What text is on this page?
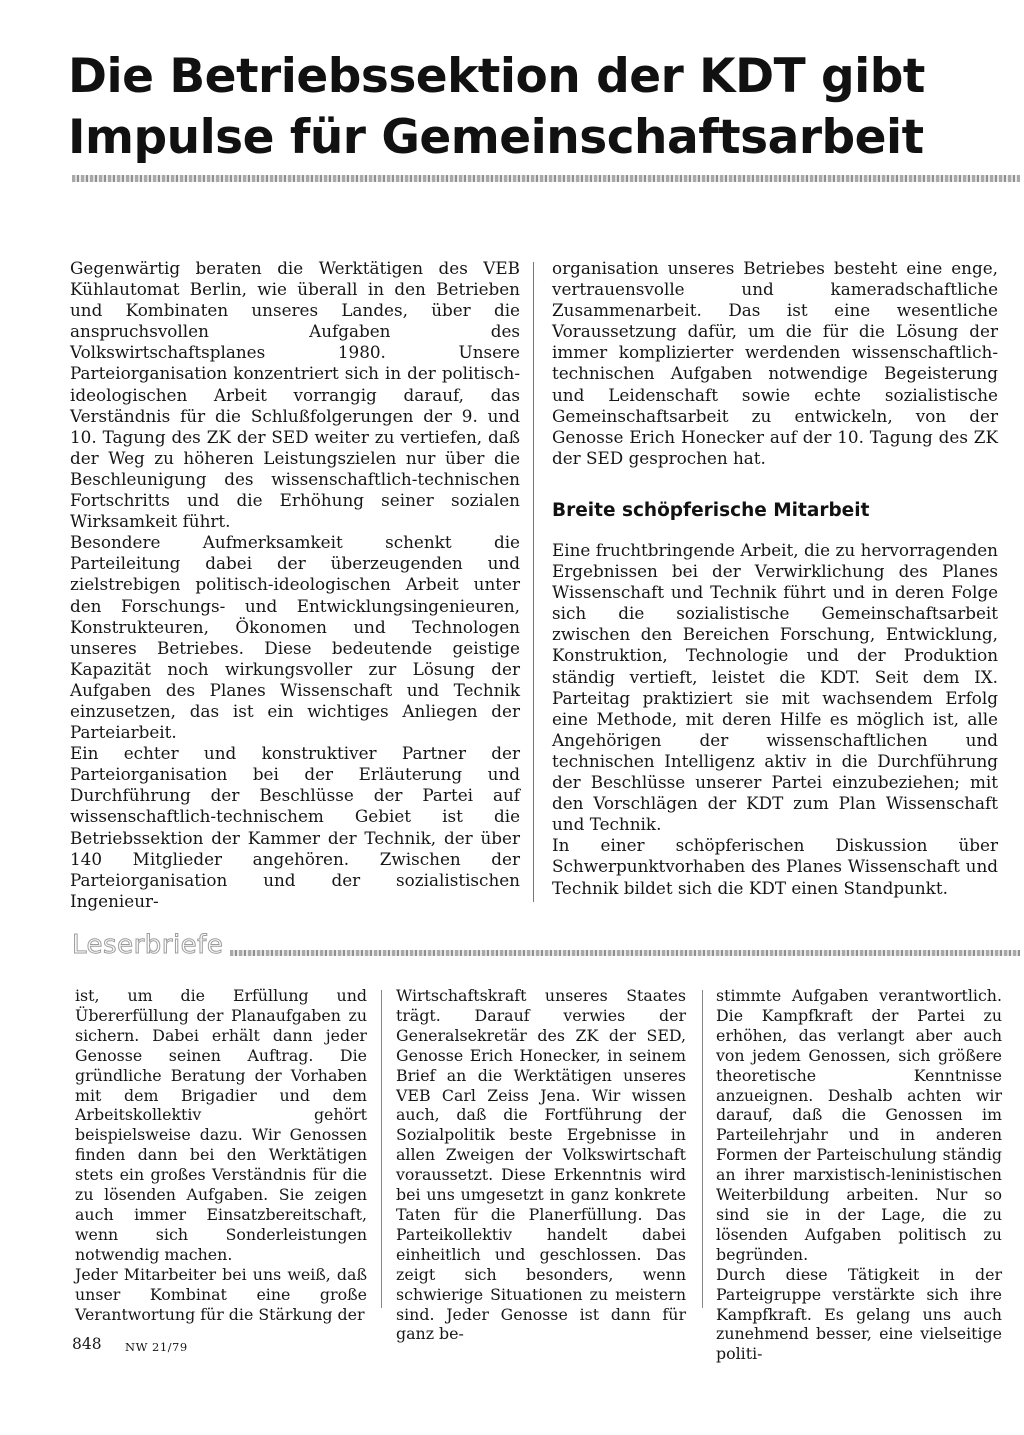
Die Betriebssektion der KDT gibt
Impulse für Gemeinschaftsarbeit

Gegenwärtig beraten die Werktätigen des VEB Kühlautomat Berlin, wie überall in den Betrieben und Kombinaten unseres Landes, über die anspruchsvollen Aufgaben des Volkswirtschaftsplanes 1980. Unsere Parteiorganisation konzentriert sich in der politisch-ideologischen Arbeit vorrangig darauf, das Verständnis für die Schlußfolgerungen der 9. und 10. Tagung des ZK der SED weiter zu vertiefen, daß der Weg zu höheren Leistungszielen nur über die Beschleunigung des wissenschaftlich-technischen Fortschritts und die Erhöhung seiner sozialen Wirksamkeit führt.

Besondere Aufmerksamkeit schenkt die Parteileitung dabei der überzeugenden und zielstrebigen politisch-ideologischen Arbeit unter den Forschungs- und Entwicklungsingenieuren, Konstrukteuren, Ökonomen und Technologen unseres Betriebes. Diese bedeutende geistige Kapazität noch wirkungsvoller zur Lösung der Aufgaben des Planes Wissenschaft und Technik einzusetzen, das ist ein wichtiges Anliegen der Parteiarbeit.

Ein echter und konstruktiver Partner der Parteiorganisation bei der Erläuterung und Durchführung der Beschlüsse der Partei auf wissenschaftlich-technischem Gebiet ist die Betriebssektion der Kammer der Technik, der über 140 Mitglieder angehören. Zwischen der Parteiorganisation und der sozialistischen Ingenieur-

organisation unseres Betriebes besteht eine enge, vertrauensvolle und kameradschaftliche Zusammenarbeit. Das ist eine wesentliche Voraussetzung dafür, um die für die Lösung der immer komplizierter werdenden wissenschaftlich-technischen Aufgaben notwendige Begeisterung und Leidenschaft sowie echte sozialistische Gemeinschaftsarbeit zu entwickeln, von der Genosse Erich Honecker auf der 10. Tagung des ZK der SED gesprochen hat.

Breite schöpferische Mitarbeit

Eine fruchtbringende Arbeit, die zu hervorragenden Ergebnissen bei der Verwirklichung des Planes Wissenschaft und Technik führt und in deren Folge sich die sozialistische Gemeinschaftsarbeit zwischen den Bereichen Forschung, Entwicklung, Konstruktion, Technologie und der Produktion ständig vertieft, leistet die KDT. Seit dem IX. Parteitag praktiziert sie mit wachsendem Erfolg eine Methode, mit deren Hilfe es möglich ist, alle Angehörigen der wissenschaftlichen und technischen Intelligenz aktiv in die Durchführung der Beschlüsse unserer Partei einzubeziehen; mit den Vorschlägen der KDT zum Plan Wissenschaft und Technik.

In einer schöpferischen Diskussion über Schwerpunktvorhaben des Planes Wissenschaft und Technik bildet sich die KDT einen Standpunkt.

Leserbriefe

ist, um die Erfüllung und Übererfüllung der Planaufgaben zu sichern. Dabei erhält dann jeder Genosse seinen Auftrag. Die gründliche Beratung der Vorhaben mit dem Brigadier und dem Arbeitskollektiv gehört beispielsweise dazu. Wir Genossen finden dann bei den Werktätigen stets ein großes Verständnis für die zu lösenden Aufgaben. Sie zeigen auch immer Einsatzbereitschaft, wenn sich Sonderleistungen notwendig machen.

Jeder Mitarbeiter bei uns weiß, daß unser Kombinat eine große Verantwortung für die Stärkung der

Wirtschaftskraft unseres Staates trägt. Darauf verwies der Generalsekretär des ZK der SED, Genosse Erich Honecker, in seinem Brief an die Werktätigen unseres VEB Carl Zeiss Jena. Wir wissen auch, daß die Fortführung der Sozialpolitik beste Ergebnisse in allen Zweigen der Volkswirtschaft voraussetzt. Diese Erkenntnis wird bei uns umgesetzt in ganz konkrete Taten für die Planerfüllung. Das Parteikollektiv handelt dabei einheitlich und geschlossen. Das zeigt sich besonders, wenn schwierige Situationen zu meistern sind. Jeder Genosse ist dann für ganz be-

stimmte Aufgaben verantwortlich. Die Kampfkraft der Partei zu erhöhen, das verlangt aber auch von jedem Genossen, sich größere theoretische Kenntnisse anzueignen. Deshalb achten wir darauf, daß die Genossen im Parteilehrjahr und in anderen Formen der Parteischulung ständig an ihrer marxistisch-leninistischen Weiterbildung arbeiten. Nur so sind sie in der Lage, die zu lösenden Aufgaben politisch zu begründen.

Durch diese Tätigkeit in der Parteigruppe verstärkte sich ihre Kampfkraft. Es gelang uns auch zunehmend besser, eine vielseitige politi-

848 NW 21/79
